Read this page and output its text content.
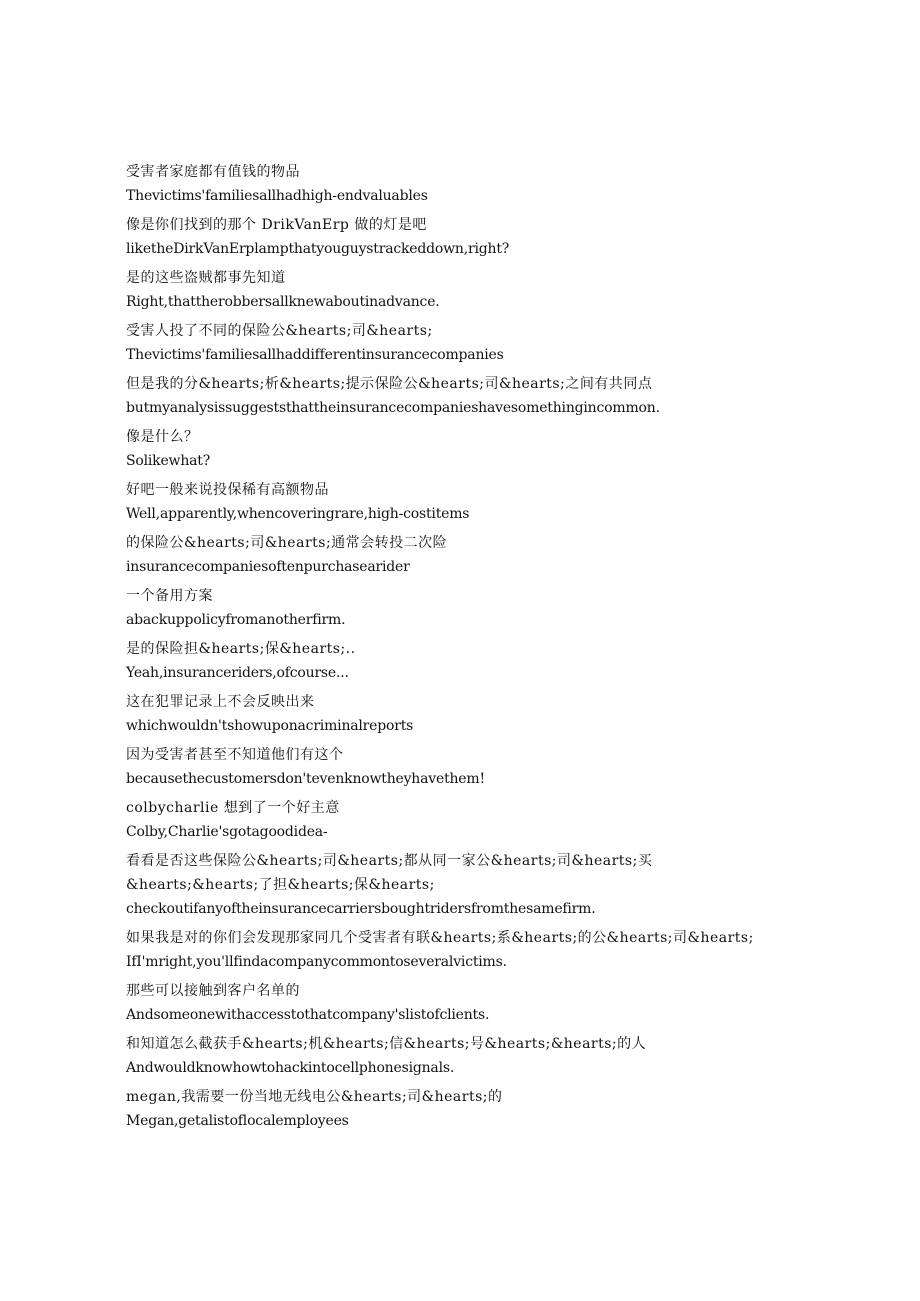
受害者家庭都有值钱的物品
Thevictims'familiesallhadhigh-endvaluables
像是你们找到的那个 DrikVanErp 做的灯是吧
liketheDirkVanErplampthatyouguystrackeddown,right?
是的这些盗贼都事先知道
Right,thattherobbersallknewaboutinadvance.
受害人投了不同的保险公&hearts;司&hearts;
Thevictims'familiesallhaddifferentinsurancecompanies
但是我的分&hearts;析&hearts;提示保险公&hearts;司&hearts;之间有共同点
butmyanalysissuggeststhattheinsurancecompanieshavesomethingincommon.
像是什么？
Solikewhat?
好吧一般来说投保稀有高额物品
Well,apparently,whencoveringrare,high-costitems
的保险公&hearts;司&hearts;通常会转投二次险
insurancecompaniesoftenpurchasearider
一个备用方案
abackuppolicyfromanotherfirm.
是的保险担&hearts;保&hearts;..
Yeah,insuranceriders,ofcourse...
这在犯罪记录上不会反映出来
whichwouldn'tshowuponacriminalreports
因为受害者甚至不知道他们有这个
becausethecustomersdon'tevenknowtheyhavethem!
colbycharlie 想到了一个好主意
Colby,Charlie'sgotagoodidea-
看看是否这些保险公&hearts;司&hearts;都从同一家公&hearts;司&hearts;买
&hearts;&hearts;了担&hearts;保&hearts;
checkoutifanyoftheinsurancecarriersboughtridersfromthesamefirm.
如果我是对的你们会发现那家同几个受害者有联&hearts;系&hearts;的公&hearts;司&hearts;
IfI'mright,you'llfindacompanycommontoseveralvictims.
那些可以接触到客户名单的
Andsomeonewithaccesstothatcompany'slistofclients.
和知道怎么截获手&hearts;机&hearts;信&hearts;号&hearts;&hearts;的人
Andwouldknowhowtohackintocellphonesignals.
megan,我需要一份当地无线电公&hearts;司&hearts;的
Megan,getalistoflocalemployees
